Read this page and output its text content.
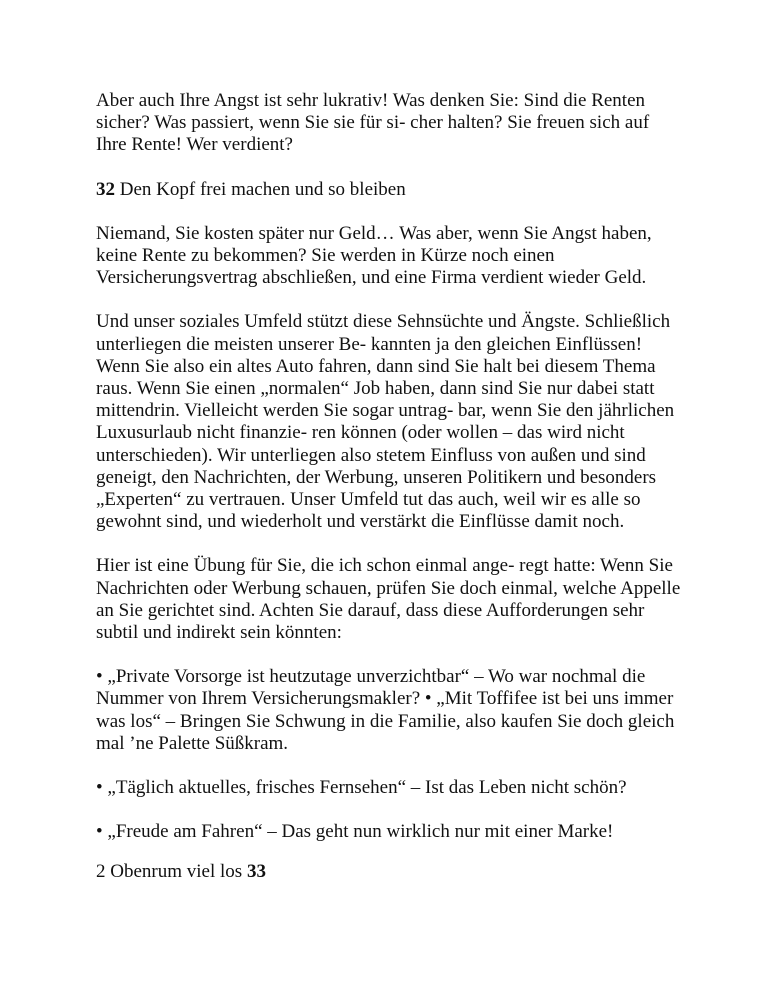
Aber auch Ihre Angst ist sehr lukrativ! Was denken Sie: Sind die Renten sicher? Was passiert, wenn Sie sie für si- cher halten? Sie freuen sich auf Ihre Rente! Wer verdient?

32 Den Kopf frei machen und so bleiben

Niemand, Sie kosten später nur Geld… Was aber, wenn Sie Angst haben, keine Rente zu bekommen? Sie werden in Kürze noch einen Versicherungsvertrag abschließen, und eine Firma verdient wieder Geld.

Und unser soziales Umfeld stützt diese Sehnsüchte und Ängste. Schließlich unterliegen die meisten unserer Be- kannten ja den gleichen Einflüssen! Wenn Sie also ein altes Auto fahren, dann sind Sie halt bei diesem Thema raus. Wenn Sie einen „normalen“ Job haben, dann sind Sie nur dabei statt mittendrin. Vielleicht werden Sie sogar untrag- bar, wenn Sie den jährlichen Luxusurlaub nicht finanzie- ren können (oder wollen – das wird nicht unterschieden). Wir unterliegen also stetem Einfluss von außen und sind geneigt, den Nachrichten, der Werbung, unseren Politikern und besonders „Experten“ zu vertrauen. Unser Umfeld tut das auch, weil wir es alle so gewohnt sind, und wiederholt und verstärkt die Einflüsse damit noch.

Hier ist eine Übung für Sie, die ich schon einmal ange- regt hatte: Wenn Sie Nachrichten oder Werbung schauen, prüfen Sie doch einmal, welche Appelle an Sie gerichtet sind. Achten Sie darauf, dass diese Aufforderungen sehr subtil und indirekt sein könnten:

• „Private Vorsorge ist heutzutage unverzichtbar“ – Wo war nochmal die Nummer von Ihrem Versicherungsmakler? • „Mit Toffifee ist bei uns immer was los“ – Bringen Sie Schwung in die Familie, also kaufen Sie doch gleich mal ’ne Palette Süßkram.

• „Täglich aktuelles, frisches Fernsehen“ – Ist das Leben nicht schön?

• „Freude am Fahren“ – Das geht nun wirklich nur mit einer Marke!

2 Obenrum viel los 33
